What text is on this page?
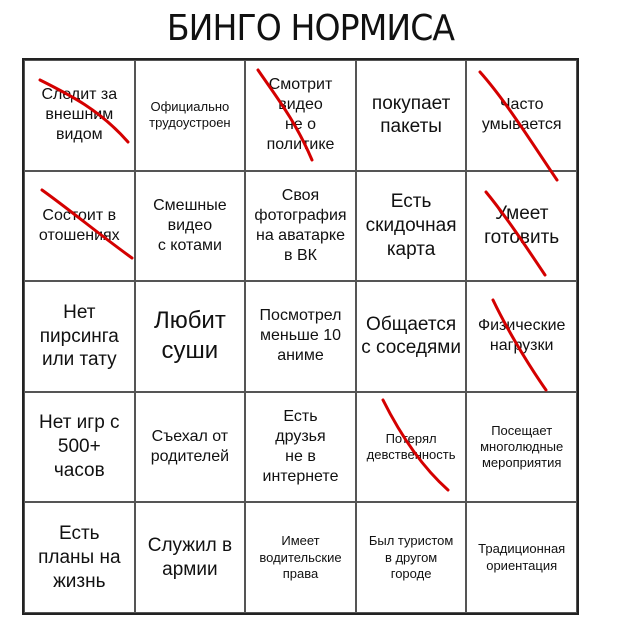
БИНГО НОРМИСА
Следит за
внешним
видом
Официально
трудоустроен
Смотрит
видео
не о
политике
покупает
пакеты
Часто
умывается
Состоит в
отошениях
Смешные
видео
с котами
Своя
фотография
на аватарке
в ВК
Есть
скидочная
карта
Умеет
готовить
Нет
пирсинга
или тату
Любит
суши
Посмотрел
меньше 10
аниме
Общается
с соседями
Физические
нагрузки
Нет игр с
500+
часов
Съехал от
родителей
Есть
друзья
не в
интернете
Потерял
девственность
Посещает
многолюдные
мероприятия
Есть
планы на
жизнь
Служил в
армии
Имеет
водительские
права
Был туристом
в другом
городе
Традиционная
ориентация
